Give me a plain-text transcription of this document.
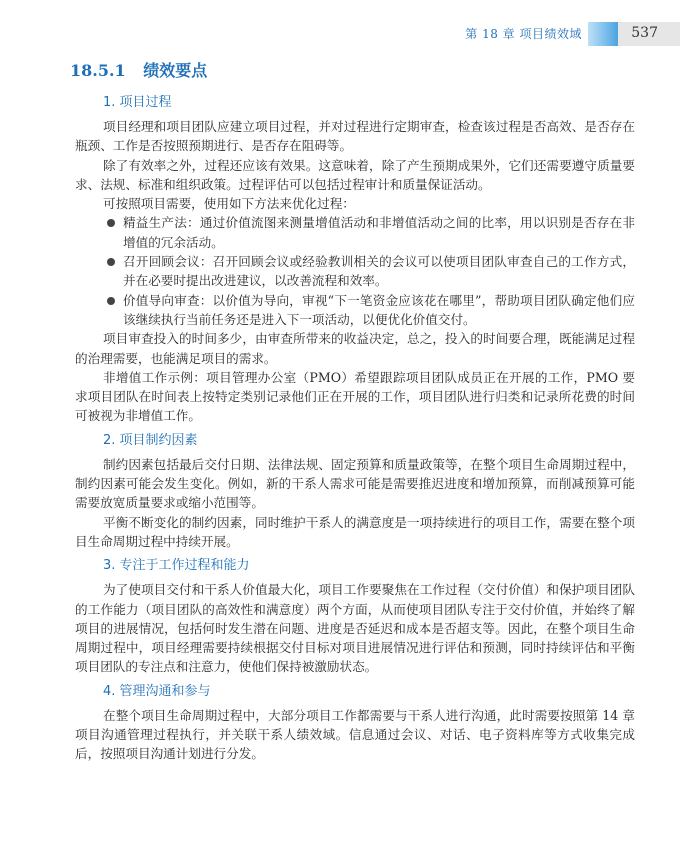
第 18 章 项目绩效域	537
18.5.1 绩效要点
1. 项目过程

项目经理和项目团队应建立项目过程，并对过程进行定期审查，检查该过程是否高效、是否存在瓶颈、工作是否按照预期进行、是否存在阻碍等。

除了有效率之外，过程还应该有效果。这意味着，除了产生预期成果外，它们还需要遵守质量要求、法规、标准和组织政策。过程评估可以包括过程审计和质量保证活动。

可按照项目需要，使用如下方法来优化过程：

精益生产法：通过价值流图来测量增值活动和非增值活动之间的比率，用以识别是否存在非增值的冗余活动。
召开回顾会议：召开回顾会议或经验教训相关的会议可以使项目团队审查自己的工作方式，并在必要时提出改进建议，以改善流程和效率。
价值导向审查：以价值为导向，审视“下一笔资金应该花在哪里”，帮助项目团队确定他们应该继续执行当前任务还是进入下一项活动，以便优化价值交付。

项目审查投入的时间多少，由审查所带来的收益决定，总之，投入的时间要合理，既能满足过程的治理需要，也能满足项目的需求。

非增值工作示例：项目管理办公室（PMO）希望跟踪项目团队成员正在开展的工作，PMO 要求项目团队在时间表上按特定类别记录他们正在开展的工作，项目团队进行归类和记录所花费的时间可被视为非增值工作。

2. 项目制约因素

制约因素包括最后交付日期、法律法规、固定预算和质量政策等，在整个项目生命周期过程中，制约因素可能会发生变化。例如，新的干系人需求可能是需要推迟进度和增加预算，而削减预算可能需要放宽质量要求或缩小范围等。

平衡不断变化的制约因素，同时维护干系人的满意度是一项持续进行的项目工作，需要在整个项目生命周期过程中持续开展。

3. 专注于工作过程和能力

为了使项目交付和干系人价值最大化，项目工作要聚焦在工作过程（交付价值）和保护项目团队的工作能力（项目团队的高效性和满意度）两个方面，从而使项目团队专注于交付价值，并始终了解项目的进展情况，包括何时发生潜在问题、进度是否延迟和成本是否超支等。因此，在整个项目生命周期过程中，项目经理需要持续根据交付目标对项目进展情况进行评估和预测，同时持续评估和平衡项目团队的专注点和注意力，使他们保持被激励状态。

4. 管理沟通和参与

在整个项目生命周期过程中，大部分项目工作都需要与干系人进行沟通，此时需要按照第 14 章项目沟通管理过程执行，并关联干系人绩效域。信息通过会议、对话、电子资料库等方式收集完成后，按照项目沟通计划进行分发。
